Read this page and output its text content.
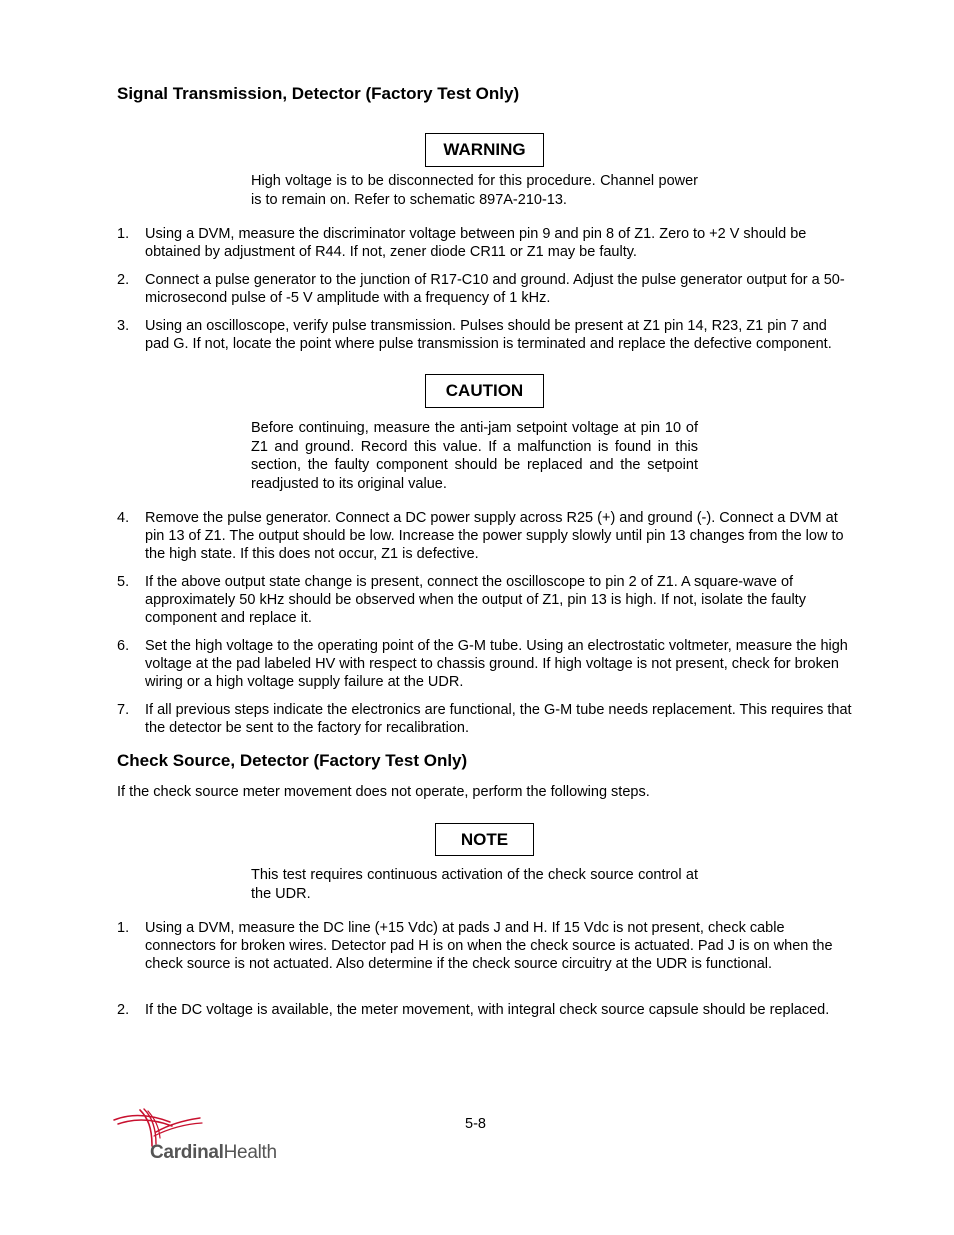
Signal Transmission, Detector (Factory Test Only)
WARNING

High voltage is to be disconnected for this procedure. Channel power is to remain on. Refer to schematic 897A-210-13.

1.	Using a DVM, measure the discriminator voltage between pin 9 and pin 8 of Z1. Zero to +2 V should be obtained by adjustment of R44. If not, zener diode CR11 or Z1 may be faulty.
2.	Connect a pulse generator to the junction of R17-C10 and ground. Adjust the pulse generator output for a 50-microsecond pulse of -5 V amplitude with a frequency of 1 kHz.
3.	Using an oscilloscope, verify pulse transmission. Pulses should be present at Z1 pin 14, R23, Z1 pin 7 and pad G. If not, locate the point where pulse transmission is terminated and replace the defective component.
CAUTION

Before continuing, measure the anti-jam setpoint voltage at pin 10 of Z1 and ground. Record this value. If a malfunction is found in this section, the faulty component should be replaced and the setpoint readjusted to its original value.

4.	Remove the pulse generator. Connect a DC power supply across R25 (+) and ground (-). Connect a DVM at pin 13 of Z1. The output should be low. Increase the power supply slowly until pin 13 changes from the low to the high state. If this does not occur, Z1 is defective.
5.	If the above output state change is present, connect the oscilloscope to pin 2 of Z1. A square-wave of approximately 50 kHz should be observed when the output of Z1, pin 13 is high. If not, isolate the faulty component and replace it.
6.	Set the high voltage to the operating point of the G-M tube. Using an electrostatic voltmeter, measure the high voltage at the pad labeled HV with respect to chassis ground. If high voltage is not present, check for broken wiring or a high voltage supply failure at the UDR.
7.	If all previous steps indicate the electronics are functional, the G-M tube needs replacement. This requires that the detector be sent to the factory for recalibration.
Check Source, Detector (Factory Test Only)

If the check source meter movement does not operate, perform the following steps.

NOTE

This test requires continuous activation of the check source control at the UDR.

1.	Using a DVM, measure the DC line (+15 Vdc) at pads J and H. If 15 Vdc is not present, check cable connectors for broken wires. Detector pad H is on when the check source is actuated. Pad J is on when the check source is not actuated. Also determine if the check source circuitry at the UDR is functional.
2.	If the DC voltage is available, the meter movement, with integral check source capsule should be replaced.
5-8
CardinalHealth
